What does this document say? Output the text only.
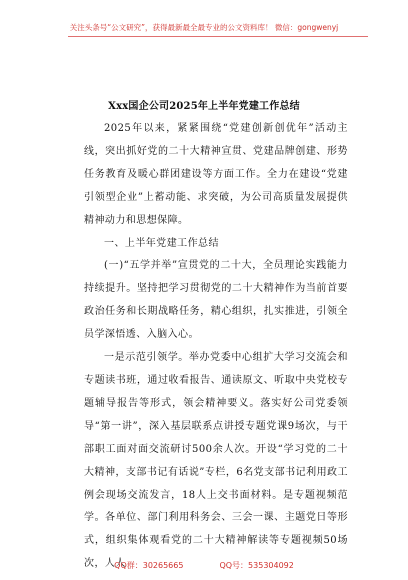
关注头条号“公文研究”，获得最新最全最专业的公文资料库！ 微信：gongwenyj
Xxx国企公司2025年上半年党建工作总结

2025年以来，紧紧围绕“党建创新创优年”活动主线，突出抓好党的二十大精神宣贯、党建品牌创建、形势任务教育及暖心群团建设等方面工作。全力在建设“党建引领型企业”上蓄动能、求突破，为公司高质量发展提供精神动力和思想保障。

一、上半年党建工作总结

(一)“五学并举”宣贯党的二十大，全员理论实践能力持续提升。坚持把学习贯彻党的二十大精神作为当前首要政治任务和长期战略任务，精心组织，扎实推进，引领全员学深悟透、入脑入心。

一是示范引领学。举办党委中心组扩大学习交流会和专题读书班，通过收看报告、通读原文、听取中央党校专题辅导报告等形式，领会精神要义。落实好公司党委领导“第一讲”，深入基层联系点讲授专题党课9场次，与干部职工面对面交流研讨500余人次。开设“学习党的二十大精神，支部书记有话说”专栏，6名党支部书记利用政工例会现场交流发言，18人上交书面材料。是专题视频范学。各单位、部门利用科务会、三会一课、主题党日等形式，组织集体观看党的二十大精神解读等专题视频50场次，人人

QQ群：30265665	QQ号：535304092
